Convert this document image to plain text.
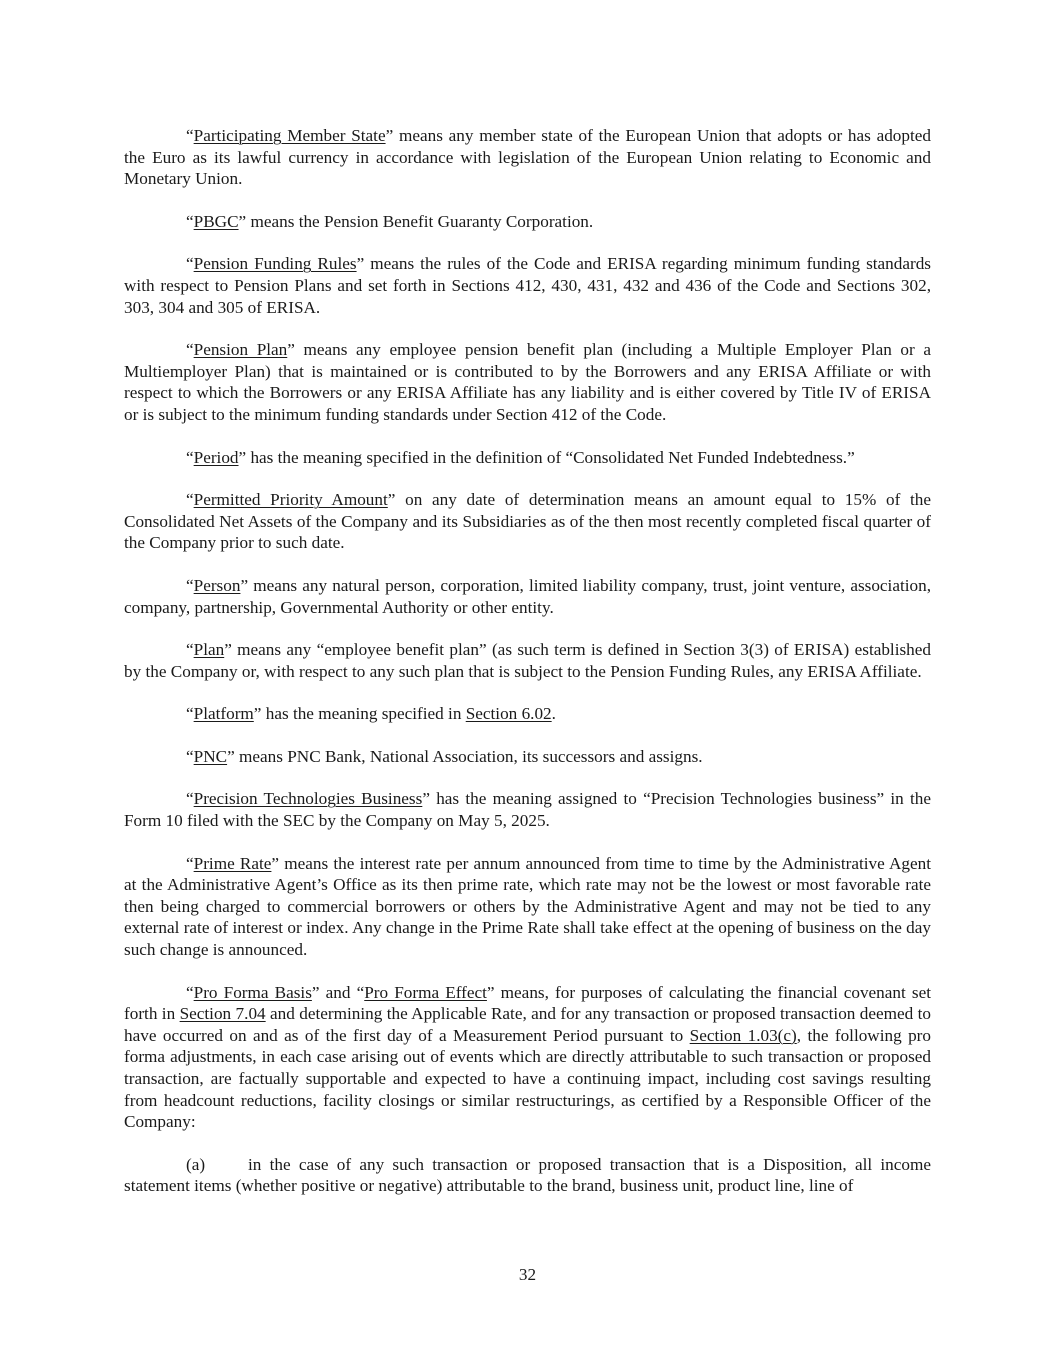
“Participating Member State” means any member state of the European Union that adopts or has adopted the Euro as its lawful currency in accordance with legislation of the European Union relating to Economic and Monetary Union.

“PBGC” means the Pension Benefit Guaranty Corporation.

“Pension Funding Rules” means the rules of the Code and ERISA regarding minimum funding standards with respect to Pension Plans and set forth in Sections 412, 430, 431, 432 and 436 of the Code and Sections 302, 303, 304 and 305 of ERISA.

“Pension Plan” means any employee pension benefit plan (including a Multiple Employer Plan or a Multiemployer Plan) that is maintained or is contributed to by the Borrowers and any ERISA Affiliate or with respect to which the Borrowers or any ERISA Affiliate has any liability and is either covered by Title IV of ERISA or is subject to the minimum funding standards under Section 412 of the Code.

“Period” has the meaning specified in the definition of “Consolidated Net Funded Indebtedness.”

“Permitted Priority Amount” on any date of determination means an amount equal to 15% of the Consolidated Net Assets of the Company and its Subsidiaries as of the then most recently completed fiscal quarter of the Company prior to such date.

“Person” means any natural person, corporation, limited liability company, trust, joint venture, association, company, partnership, Governmental Authority or other entity.

“Plan” means any “employee benefit plan” (as such term is defined in Section 3(3) of ERISA) established by the Company or, with respect to any such plan that is subject to the Pension Funding Rules, any ERISA Affiliate.

“Platform” has the meaning specified in Section 6.02.

“PNC” means PNC Bank, National Association, its successors and assigns.

“Precision Technologies Business” has the meaning assigned to “Precision Technologies business” in the Form 10 filed with the SEC by the Company on May 5, 2025.

“Prime Rate” means the interest rate per annum announced from time to time by the Administrative Agent at the Administrative Agent’s Office as its then prime rate, which rate may not be the lowest or most favorable rate then being charged to commercial borrowers or others by the Administrative Agent and may not be tied to any external rate of interest or index. Any change in the Prime Rate shall take effect at the opening of business on the day such change is announced.

“Pro Forma Basis” and “Pro Forma Effect” means, for purposes of calculating the financial covenant set forth in Section 7.04 and determining the Applicable Rate, and for any transaction or proposed transaction deemed to have occurred on and as of the first day of a Measurement Period pursuant to Section 1.03(c), the following pro forma adjustments, in each case arising out of events which are directly attributable to such transaction or proposed transaction, are factually supportable and expected to have a continuing impact, including cost savings resulting from headcount reductions, facility closings or similar restructurings, as certified by a Responsible Officer of the Company:

(a) in the case of any such transaction or proposed transaction that is a Disposition, all income statement items (whether positive or negative) attributable to the brand, business unit, product line, line of

32
